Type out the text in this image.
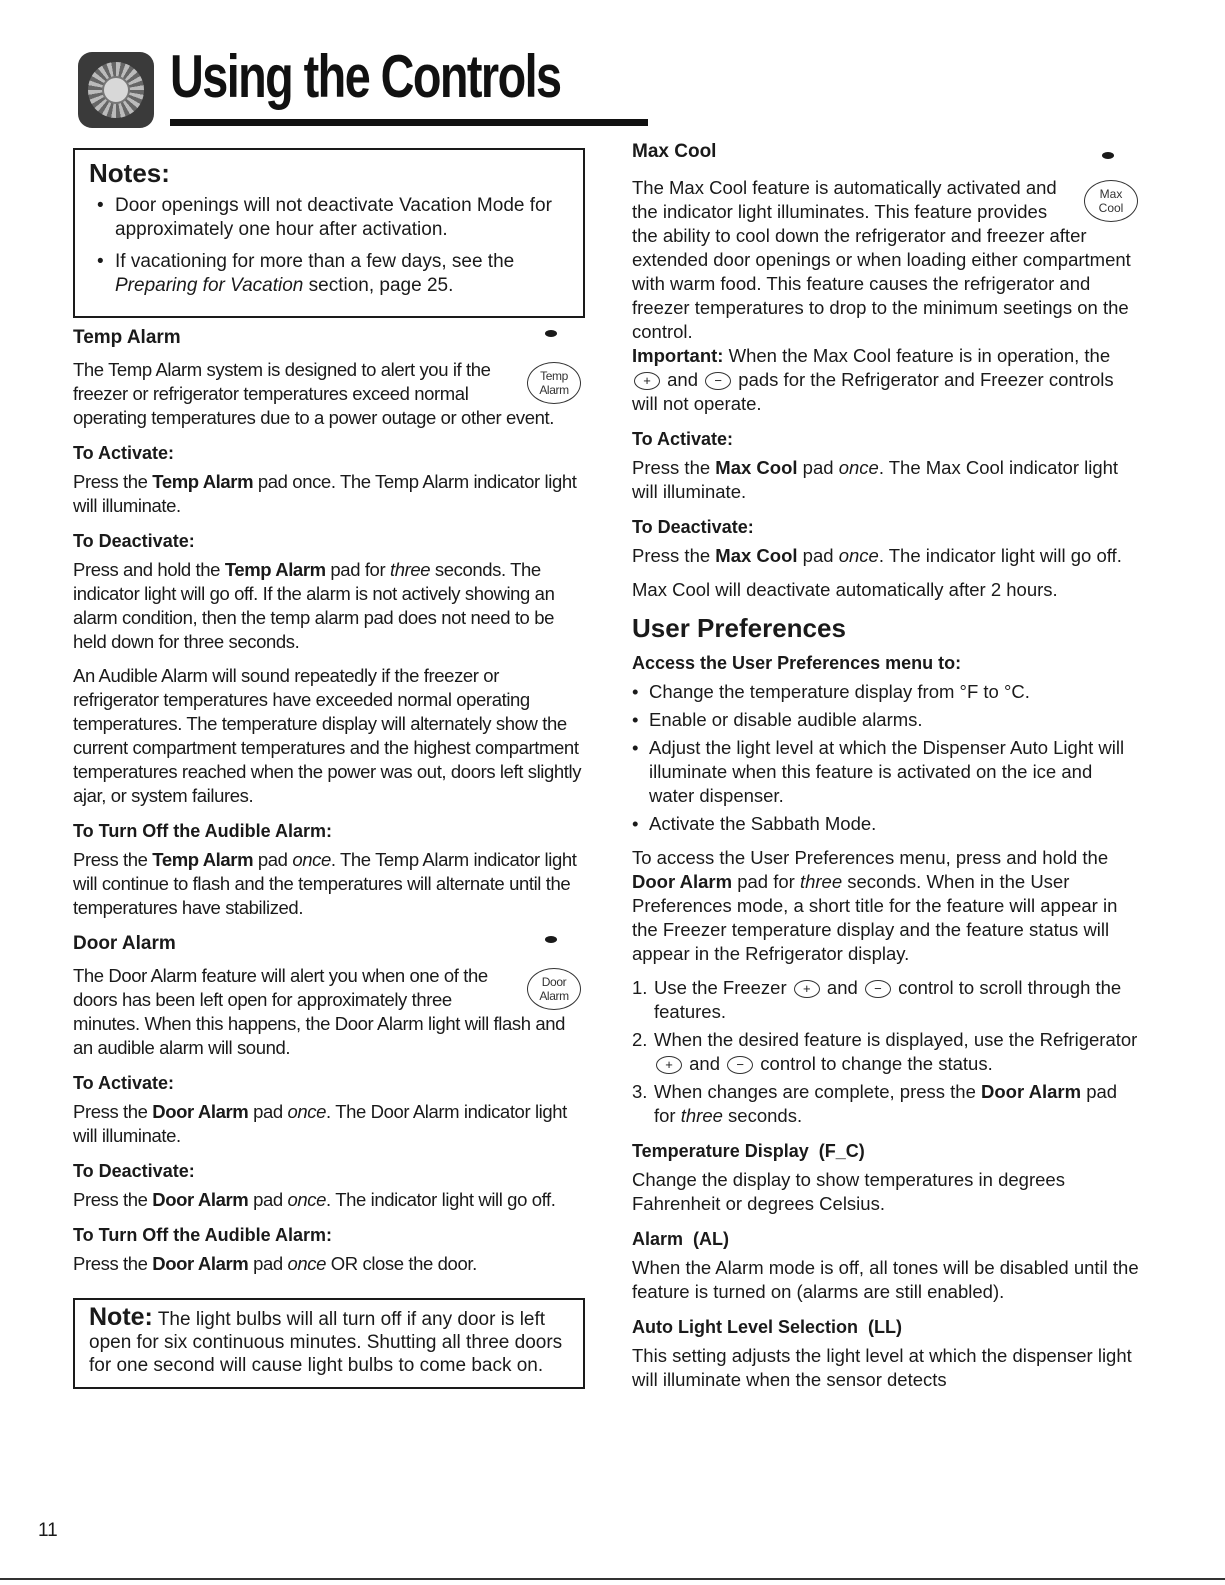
Using the Controls
Notes:
• Door openings will not deactivate Vacation Mode for approximately one hour after activation.
• If vacationing for more than a few days, see the
Preparing for Vacation section, page 25.
Temp Alarm

Temp
Alarm
The Temp Alarm system is designed to alert you if the freezer or refrigerator temperatures exceed normal operating temperatures due to a power outage or other event.

To Activate:

Press the Temp Alarm pad once. The Temp Alarm indicator light will illuminate.

To Deactivate:

Press and hold the Temp Alarm pad for three seconds. The indicator light will go off. If the alarm is not actively showing an alarm condition, then the temp alarm pad does not need to be held down for three seconds.

An Audible Alarm will sound repeatedly if the freezer or refrigerator temperatures have exceeded normal operating temperatures. The temperature display will alternately show the current compartment temperatures and the highest compartment temperatures reached when the power was out, doors left slightly ajar, or system failures.

To Turn Off the Audible Alarm:

Press the Temp Alarm pad once. The Temp Alarm indicator light will continue to flash and the temperatures will alternate until the temperatures have stabilized.

Door Alarm

Door
Alarm
The Door Alarm feature will alert you when one of the doors has been left open for approximately three minutes. When this happens, the Door Alarm light will flash and an audible alarm will sound.

To Activate:

Press the Door Alarm pad once. The Door Alarm indicator light will illuminate.

To Deactivate:

Press the Door Alarm pad once. The indicator light will go off.

To Turn Off the Audible Alarm:

Press the Door Alarm pad once OR close the door.

Note: The light bulbs will all turn off if any door is left open for six continuous minutes. Shutting all three doors for one second will cause light bulbs to come back on.
Max Cool

Max
Cool
The Max Cool feature is automatically activated and the indicator light illuminates. This feature provides the ability to cool down the refrigerator and freezer after extended door openings or when loading either compartment with warm food. This feature causes the refrigerator and freezer temperatures to drop to the minimum seetings on the control.

Important: When the Max Cool feature is in operation, the + and − pads for the Refrigerator and Freezer controls will not operate.

To Activate:

Press the Max Cool pad once. The Max Cool indicator light will illuminate.

To Deactivate:

Press the Max Cool pad once. The indicator light will go off.

Max Cool will deactivate automatically after 2 hours.

User Preferences
Access the User Preferences menu to:
• Change the temperature display from °F to °C.
• Enable or disable audible alarms.
• Adjust the light level at which the Dispenser Auto Light will illuminate when this feature is activated on the ice and water dispenser.
• Activate the Sabbath Mode.

To access the User Preferences menu, press and hold the Door Alarm pad for three seconds. When in the User Preferences mode, a short title for the feature will appear in the Freezer temperature display and the feature status will appear in the Refrigerator display.

1. Use the Freezer + and − control to scroll through the features.
2. When the desired feature is displayed, use the Refrigerator + and − control to change the status.
3. When changes are complete, press the Door Alarm pad for three seconds.
Temperature Display  (F_C)

Change the display to show temperatures in degrees Fahrenheit or degrees Celsius.

Alarm  (AL)

When the Alarm mode is off, all tones will be disabled until the feature is turned on (alarms are still enabled).

Auto Light Level Selection  (LL)

This setting adjusts the light level at which the dispenser light will illuminate when the sensor detects

11
